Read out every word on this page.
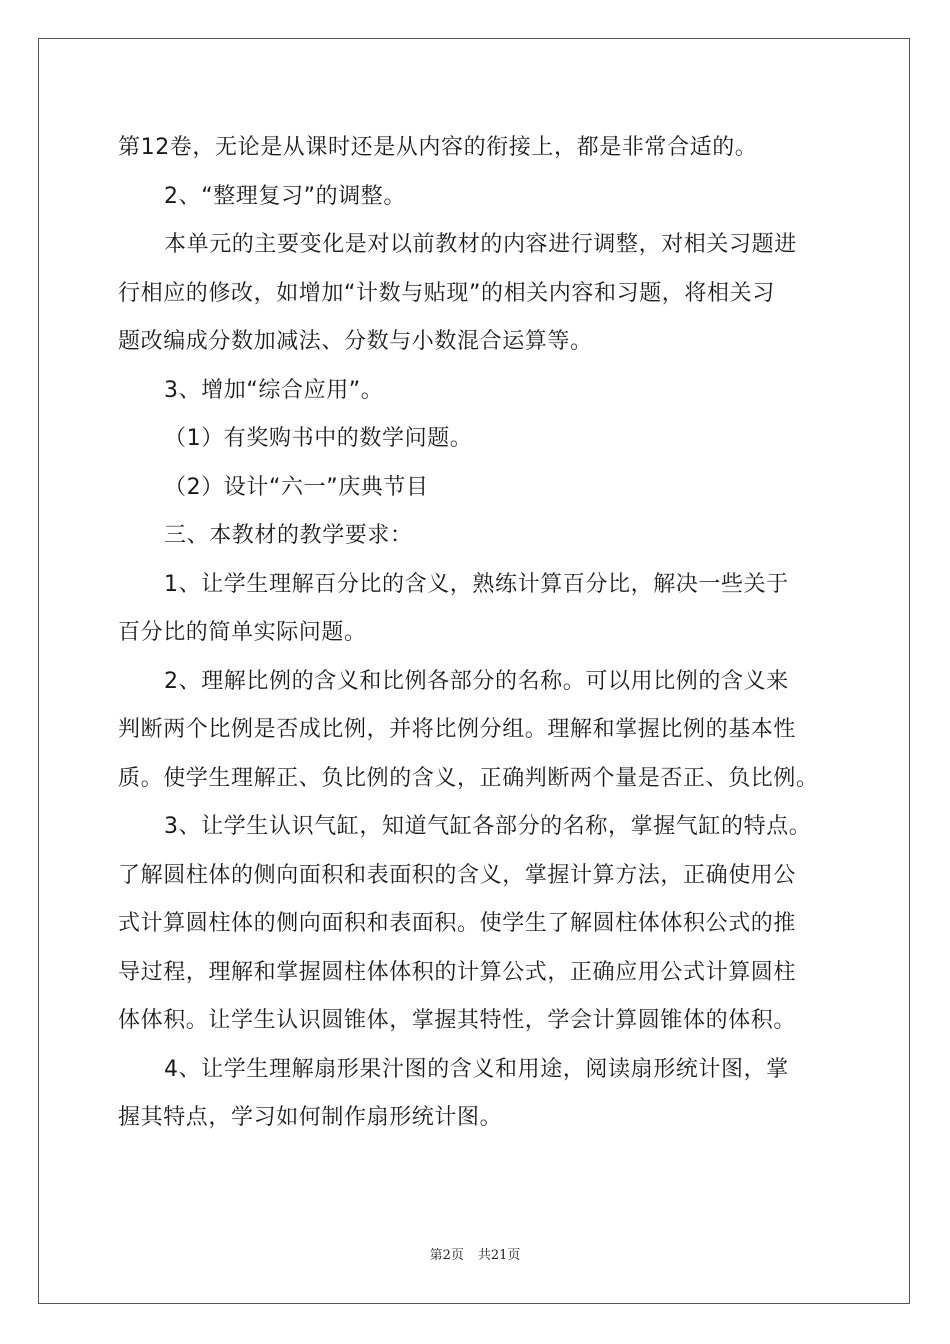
第12卷，无论是从课时还是从内容的衔接上，都是非常合适的。
2、“整理复习”的调整。
本单元的主要变化是对以前教材的内容进行调整，对相关习题进
行相应的修改，如增加“计数与贴现”的相关内容和习题，将相关习
题改编成分数加减法、分数与小数混合运算等。
3、增加“综合应用”。
（1）有奖购书中的数学问题。
（2）设计“六一”庆典节目
三、本教材的教学要求：
1、让学生理解百分比的含义，熟练计算百分比，解决一些关于
百分比的简单实际问题。
2、理解比例的含义和比例各部分的名称。可以用比例的含义来
判断两个比例是否成比例，并将比例分组。理解和掌握比例的基本性
质。使学生理解正、负比例的含义，正确判断两个量是否正、负比例。
3、让学生认识气缸，知道气缸各部分的名称，掌握气缸的特点。
了解圆柱体的侧向面积和表面积的含义，掌握计算方法，正确使用公
式计算圆柱体的侧向面积和表面积。使学生了解圆柱体体积公式的推
导过程，理解和掌握圆柱体体积的计算公式，正确应用公式计算圆柱
体体积。让学生认识圆锥体，掌握其特性，学会计算圆锥体的体积。
4、让学生理解扇形果汁图的含义和用途，阅读扇形统计图，掌
握其特点，学习如何制作扇形统计图。
第2页 共21页
